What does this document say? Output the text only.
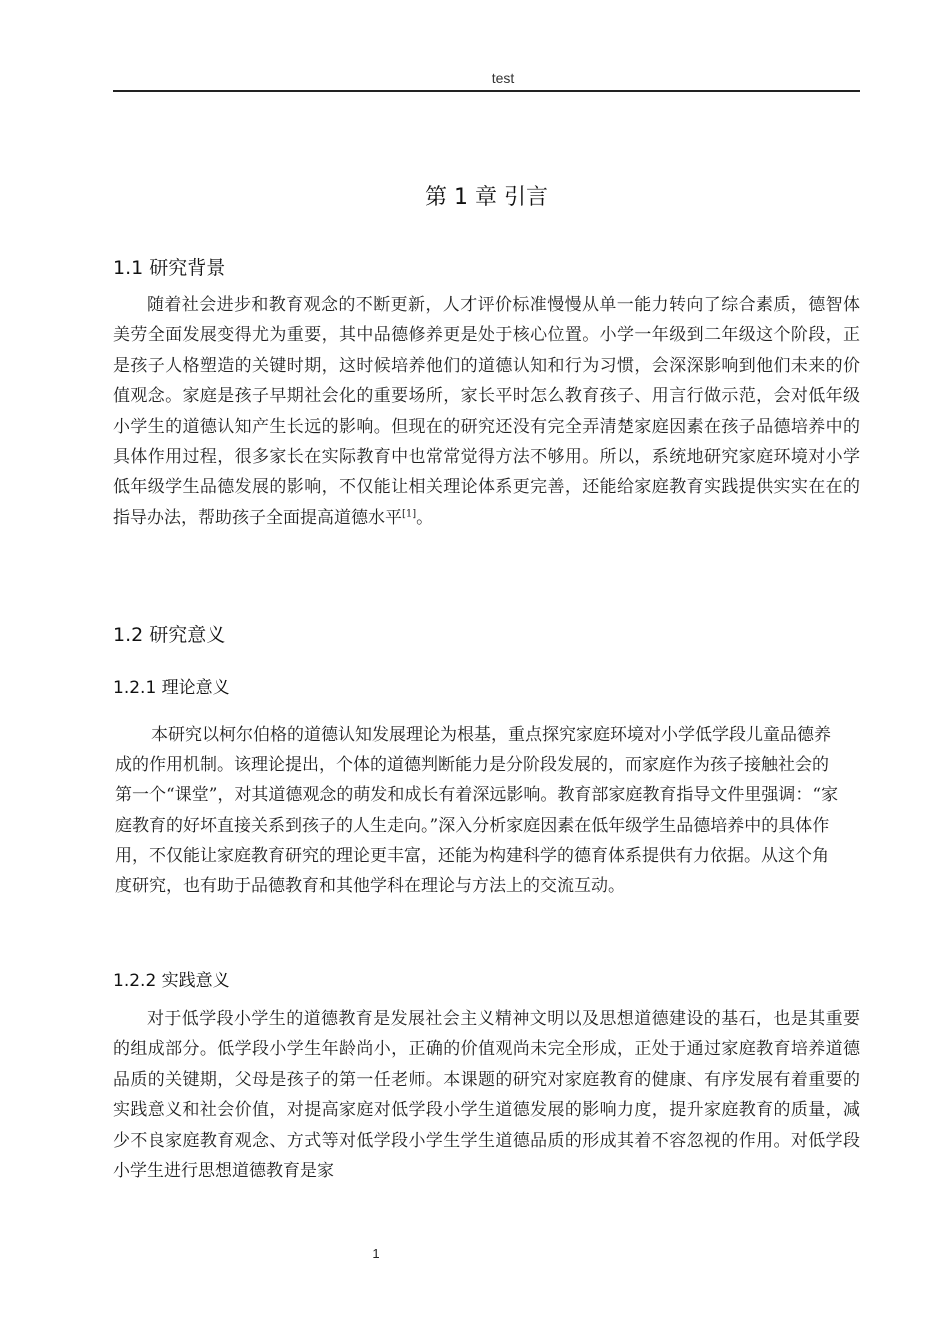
test
第 1 章 引言
1.1 研究背景

随着社会进步和教育观念的不断更新，人才评价标准慢慢从单一能力转向了综合素质，德智体美劳全面发展变得尤为重要，其中品德修养更是处于核心位置。小学一年级到二年级这个阶段，正是孩子人格塑造的关键时期，这时候培养他们的道德认知和行为习惯，会深深影响到他们未来的价值观念。家庭是孩子早期社会化的重要场所，家长平时怎么教育孩子、用言行做示范，会对低年级小学生的道德认知产生长远的影响。但现在的研究还没有完全弄清楚家庭因素在孩子品德培养中的具体作用过程，很多家长在实际教育中也常常觉得方法不够用。所以，系统地研究家庭环境对小学低年级学生品德发展的影响，不仅能让相关理论体系更完善，还能给家庭教育实践提供实实在在的指导办法，帮助孩子全面提高道德水平[1]。

1.2 研究意义
1.2.1 理论意义

本研究以柯尔伯格的道德认知发展理论为根基，重点探究家庭环境对小学低学段儿童品德养成的作用机制。该理论提出，个体的道德判断能力是分阶段发展的，而家庭作为孩子接触社会的第一个“课堂”，对其道德观念的萌发和成长有着深远影响。教育部家庭教育指导文件里强调：“家庭教育的好坏直接关系到孩子的人生走向。”深入分析家庭因素在低年级学生品德培养中的具体作用，不仅能让家庭教育研究的理论更丰富，还能为构建科学的德育体系提供有力依据。从这个角度研究，也有助于品德教育和其他学科在理论与方法上的交流互动。

1.2.2 实践意义

对于低学段小学生的道德教育是发展社会主义精神文明以及思想道德建设的基石，也是其重要的组成部分。低学段小学生年龄尚小，正确的价值观尚未完全形成，正处于通过家庭教育培养道德品质的关键期，父母是孩子的第一任老师。本课题的研究对家庭教育的健康、有序发展有着重要的实践意义和社会价值，对提高家庭对低学段小学生道德发展的影响力度，提升家庭教育的质量，减少不良家庭教育观念、方式等对低学段小学生学生道德品质的形成其着不容忽视的作用。对低学段小学生进行思想道德教育是家

1
